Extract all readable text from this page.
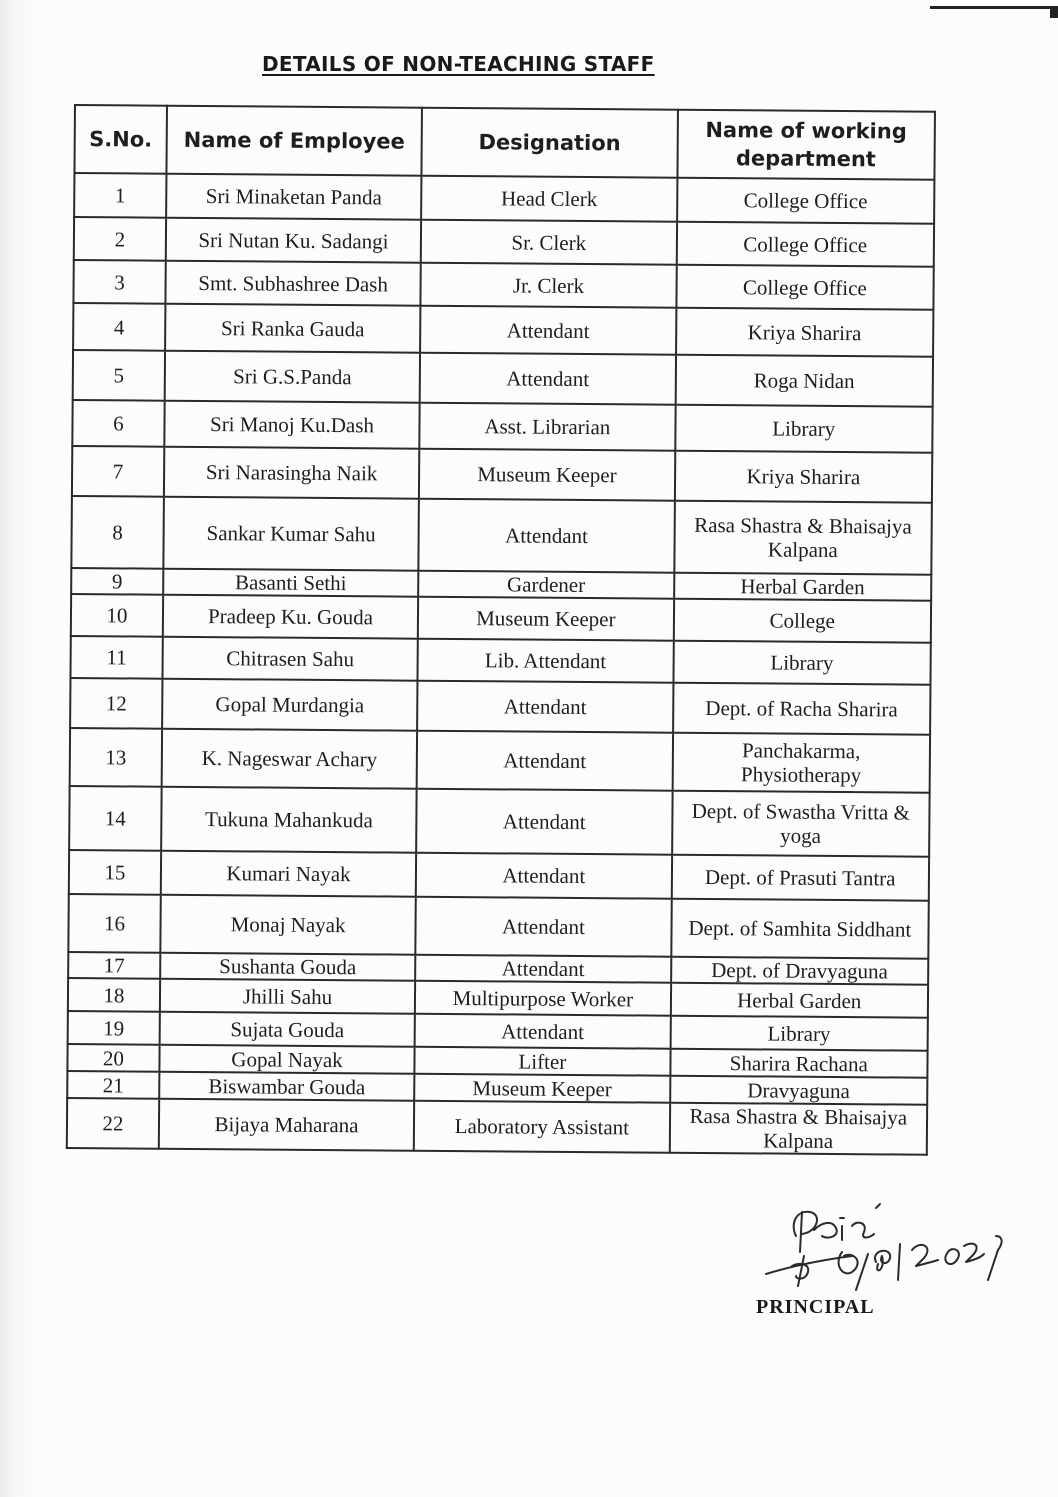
DETAILS OF NON-TEACHING STAFF
S.No.	Name of Employee	Designation	Name of working department
1	Sri Minaketan Panda	Head Clerk	College Office
2	Sri Nutan Ku. Sadangi	Sr. Clerk	College Office
3	Smt. Subhashree Dash	Jr. Clerk	College Office
4	Sri Ranka Gauda	Attendant	Kriya Sharira
5	Sri G.S.Panda	Attendant	Roga Nidan
6	Sri Manoj Ku.Dash	Asst. Librarian	Library
7	Sri Narasingha Naik	Museum Keeper	Kriya Sharira
8	Sankar Kumar Sahu	Attendant	Rasa Shastra & Bhaisajya Kalpana
9	Basanti Sethi	Gardener	Herbal Garden
10	Pradeep Ku. Gouda	Museum Keeper	College
11	Chitrasen Sahu	Lib. Attendant	Library
12	Gopal Murdangia	Attendant	Dept. of Racha Sharira
13	K. Nageswar Achary	Attendant	Panchakarma, Physiotherapy
14	Tukuna Mahankuda	Attendant	Dept. of Swastha Vritta & yoga
15	Kumari Nayak	Attendant	Dept. of Prasuti Tantra
16	Monaj Nayak	Attendant	Dept. of Samhita Siddhant
17	Sushanta Gouda	Attendant	Dept. of Dravyaguna
18	Jhilli Sahu	Multipurpose Worker	Herbal Garden
19	Sujata Gouda	Attendant	Library
20	Gopal Nayak	Lifter	Sharira Rachana
21	Biswambar Gouda	Museum Keeper	Dravyaguna
22	Bijaya Maharana	Laboratory Assistant	Rasa Shastra & Bhaisajya Kalpana
PRINCIPAL
